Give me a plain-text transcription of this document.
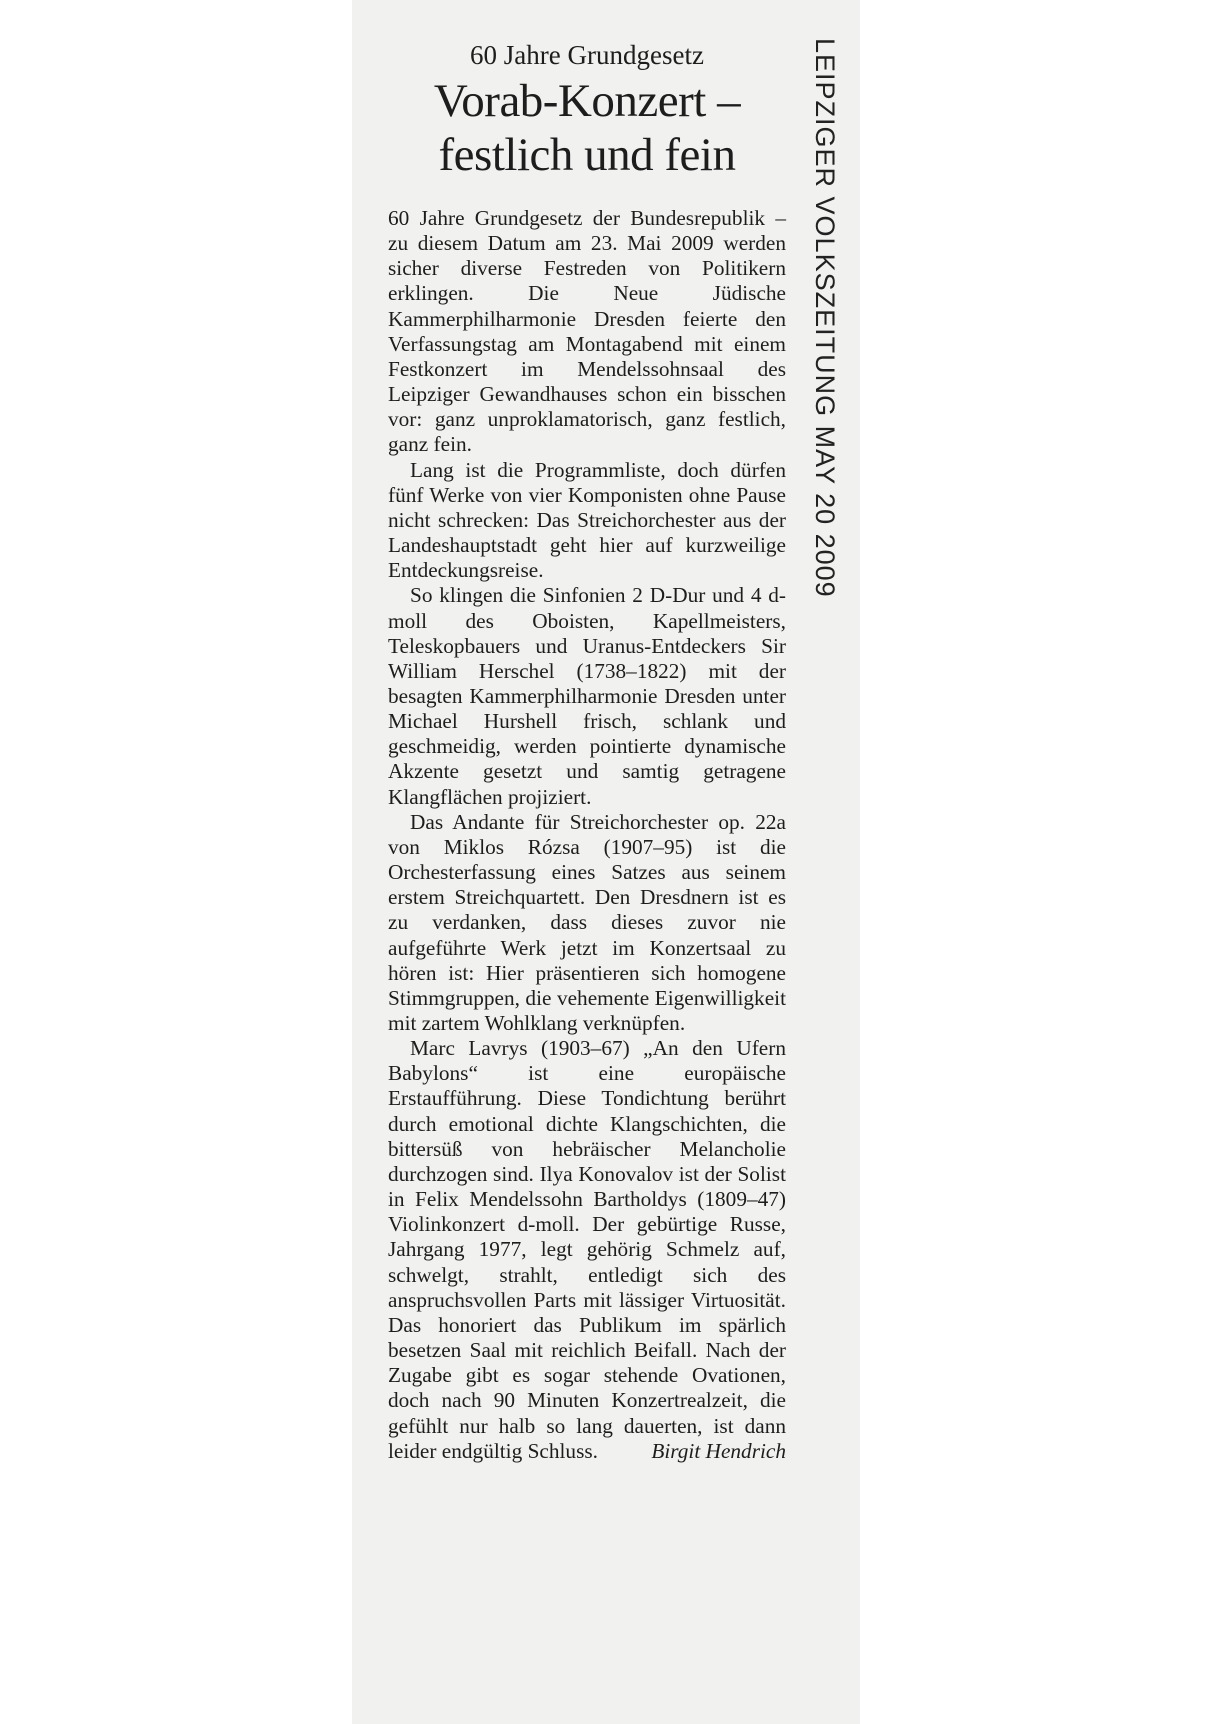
60 Jahre Grundgesetz
Vorab-Konzert –
festlich und fein

60 Jahre Grundgesetz der Bundesrepublik – zu diesem Datum am 23. Mai 2009 werden sicher diverse Festreden von Politikern erklingen. Die Neue Jüdische Kammerphilharmonie Dresden feierte den Verfassungstag am Montagabend mit einem Festkonzert im Mendelssohnsaal des Leipziger Gewandhauses schon ein bisschen vor: ganz unproklamatorisch, ganz festlich, ganz fein.

Lang ist die Programmliste, doch dürfen fünf Werke von vier Komponisten ohne Pause nicht schrecken: Das Streichorchester aus der Landeshauptstadt geht hier auf kurzweilige Entdeckungsreise.

So klingen die Sinfonien 2 D-Dur und 4 d-moll des Oboisten, Kapellmeisters, Teleskopbauers und Uranus-Entdeckers Sir William Herschel (1738–1822) mit der besagten Kammerphilharmonie Dresden unter Michael Hurshell frisch, schlank und geschmeidig, werden pointierte dynamische Akzente gesetzt und samtig getragene Klangflächen projiziert.

Das Andante für Streichorchester op. 22a von Miklos Rózsa (1907–95) ist die Orchesterfassung eines Satzes aus seinem erstem Streichquartett. Den Dresdnern ist es zu verdanken, dass dieses zuvor nie aufgeführte Werk jetzt im Konzertsaal zu hören ist: Hier präsentieren sich homogene Stimmgruppen, die vehemente Eigenwilligkeit mit zartem Wohlklang verknüpfen.

Marc Lavrys (1903–67) „An den Ufern Babylons“ ist eine europäische Erstaufführung. Diese Tondichtung berührt durch emotional dichte Klangschichten, die bittersüß von hebräischer Melancholie durchzogen sind. Ilya Konovalov ist der Solist in Felix Mendelssohn Bartholdys (1809–47) Violinkonzert d-moll. Der gebürtige Russe, Jahrgang 1977, legt gehörig Schmelz auf, schwelgt, strahlt, entledigt sich des anspruchsvollen Parts mit lässiger Virtuosität. Das honoriert das Publikum im spärlich besetzen Saal mit reichlich Beifall. Nach der Zugabe gibt es sogar stehende Ovationen, doch nach 90 Minuten Konzertrealzeit, die gefühlt nur halb so lang dauerten, ist dann leider endgültig Schluss.	Birgit Hendrich

LEIPZIGER VOLKSZEITUNG MAY 20 2009
